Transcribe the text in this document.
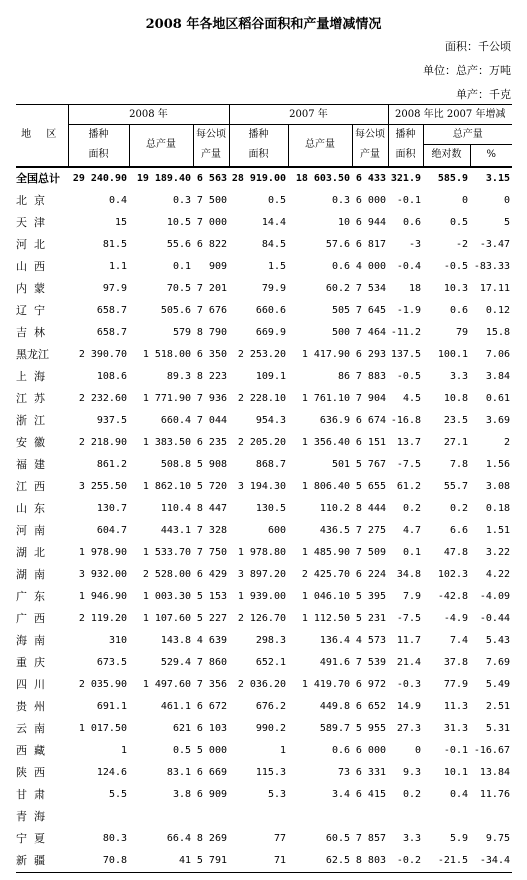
2008 年各地区稻谷面积和产量增减情况
面积：千公顷
单位：总产：万吨
单产：千克
地 区	2008 年			2007 年			2008 年比 2007 年增减		
	播种	总产量	每公顷	播种	总产量	每公顷	播种	总产量	
	面积		产量	面积		产量	面积	绝对数	%
全国总计	29 240.90	19 189.40	6 563	28 919.00	18 603.50	6 433	321.9	585.9	3.15
北京	0.4	0.3	7 500	0.5	0.3	6 000	-0.1	0	0
天津	15	10.5	7 000	14.4	10	6 944	0.6	0.5	5
河北	81.5	55.6	6 822	84.5	57.6	6 817	-3	-2	-3.47
山西	1.1	0.1	909	1.5	0.6	4 000	-0.4	-0.5	-83.33
内蒙	97.9	70.5	7 201	79.9	60.2	7 534	18	10.3	17.11
辽宁	658.7	505.6	7 676	660.6	505	7 645	-1.9	0.6	0.12
吉林	658.7	579	8 790	669.9	500	7 464	-11.2	79	15.8
黑龙江	2 390.70	1 518.00	6 350	2 253.20	1 417.90	6 293	137.5	100.1	7.06
上海	108.6	89.3	8 223	109.1	86	7 883	-0.5	3.3	3.84
江苏	2 232.60	1 771.90	7 936	2 228.10	1 761.10	7 904	4.5	10.8	0.61
浙江	937.5	660.4	7 044	954.3	636.9	6 674	-16.8	23.5	3.69
安徽	2 218.90	1 383.50	6 235	2 205.20	1 356.40	6 151	13.7	27.1	2
福建	861.2	508.8	5 908	868.7	501	5 767	-7.5	7.8	1.56
江西	3 255.50	1 862.10	5 720	3 194.30	1 806.40	5 655	61.2	55.7	3.08
山东	130.7	110.4	8 447	130.5	110.2	8 444	0.2	0.2	0.18
河南	604.7	443.1	7 328	600	436.5	7 275	4.7	6.6	1.51
湖北	1 978.90	1 533.70	7 750	1 978.80	1 485.90	7 509	0.1	47.8	3.22
湖南	3 932.00	2 528.00	6 429	3 897.20	2 425.70	6 224	34.8	102.3	4.22
广东	1 946.90	1 003.30	5 153	1 939.00	1 046.10	5 395	7.9	-42.8	-4.09
广西	2 119.20	1 107.60	5 227	2 126.70	1 112.50	5 231	-7.5	-4.9	-0.44
海南	310	143.8	4 639	298.3	136.4	4 573	11.7	7.4	5.43
重庆	673.5	529.4	7 860	652.1	491.6	7 539	21.4	37.8	7.69
四川	2 035.90	1 497.60	7 356	2 036.20	1 419.70	6 972	-0.3	77.9	5.49
贵州	691.1	461.1	6 672	676.2	449.8	6 652	14.9	11.3	2.51
云南	1 017.50	621	6 103	990.2	589.7	5 955	27.3	31.3	5.31
西藏	1	0.5	5 000	1	0.6	6 000	0	-0.1	-16.67
陕西	124.6	83.1	6 669	115.3	73	6 331	9.3	10.1	13.84
甘肃	5.5	3.8	6 909	5.3	3.4	6 415	0.2	0.4	11.76
青海									
宁夏	80.3	66.4	8 269	77	60.5	7 857	3.3	5.9	9.75
新疆	70.8	41	5 791	71	62.5	8 803	-0.2	-21.5	-34.4
